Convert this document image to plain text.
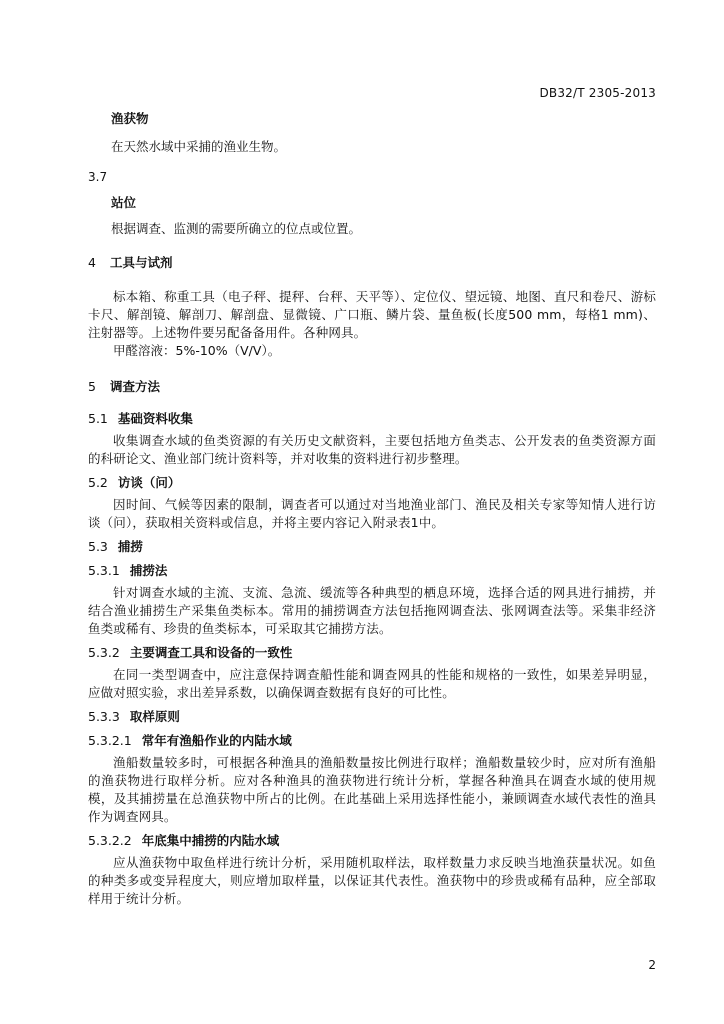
DB32/T 2305-2013

渔获物

在天然水域中采捕的渔业生物。

3.7

站位

根据调查、监测的需要所确立的位点或位置。

4 工具与试剂

标本箱、称重工具（电子秤、提秤、台秤、天平等）、定位仪、望远镜、地图、直尺和卷尺、游标卡尺、解剖镜、解剖刀、解剖盘、显微镜、广口瓶、鳞片袋、量鱼板(长度500 mm，每格1 mm)、注射器等。上述物件要另配备备用件。各种网具。

甲醛溶液：5%-10%（V/V）。

5 调查方法

5.1 基础资料收集

收集调查水域的鱼类资源的有关历史文献资料，主要包括地方鱼类志、公开发表的鱼类资源方面的科研论文、渔业部门统计资料等，并对收集的资料进行初步整理。

5.2 访谈（问）

因时间、气候等因素的限制，调查者可以通过对当地渔业部门、渔民及相关专家等知情人进行访谈（问），获取相关资料或信息，并将主要内容记入附录表1中。

5.3 捕捞

5.3.1 捕捞法

针对调查水域的主流、支流、急流、缓流等各种典型的栖息环境，选择合适的网具进行捕捞，并结合渔业捕捞生产采集鱼类标本。常用的捕捞调查方法包括拖网调查法、张网调查法等。采集非经济鱼类或稀有、珍贵的鱼类标本，可采取其它捕捞方法。

5.3.2 主要调查工具和设备的一致性

在同一类型调查中，应注意保持调查船性能和调查网具的性能和规格的一致性，如果差异明显，应做对照实验，求出差异系数，以确保调查数据有良好的可比性。

5.3.3 取样原则

5.3.2.1 常年有渔船作业的内陆水域

渔船数量较多时，可根据各种渔具的渔船数量按比例进行取样；渔船数量较少时，应对所有渔船的渔获物进行取样分析。应对各种渔具的渔获物进行统计分析，掌握各种渔具在调查水域的使用规模，及其捕捞量在总渔获物中所占的比例。在此基础上采用选择性能小，兼顾调查水域代表性的渔具作为调查网具。

5.3.2.2 年底集中捕捞的内陆水域

应从渔获物中取鱼样进行统计分析，采用随机取样法，取样数量力求反映当地渔获量状况。如鱼的种类多或变异程度大，则应增加取样量，以保证其代表性。渔获物中的珍贵或稀有品种，应全部取样用于统计分析。

2
